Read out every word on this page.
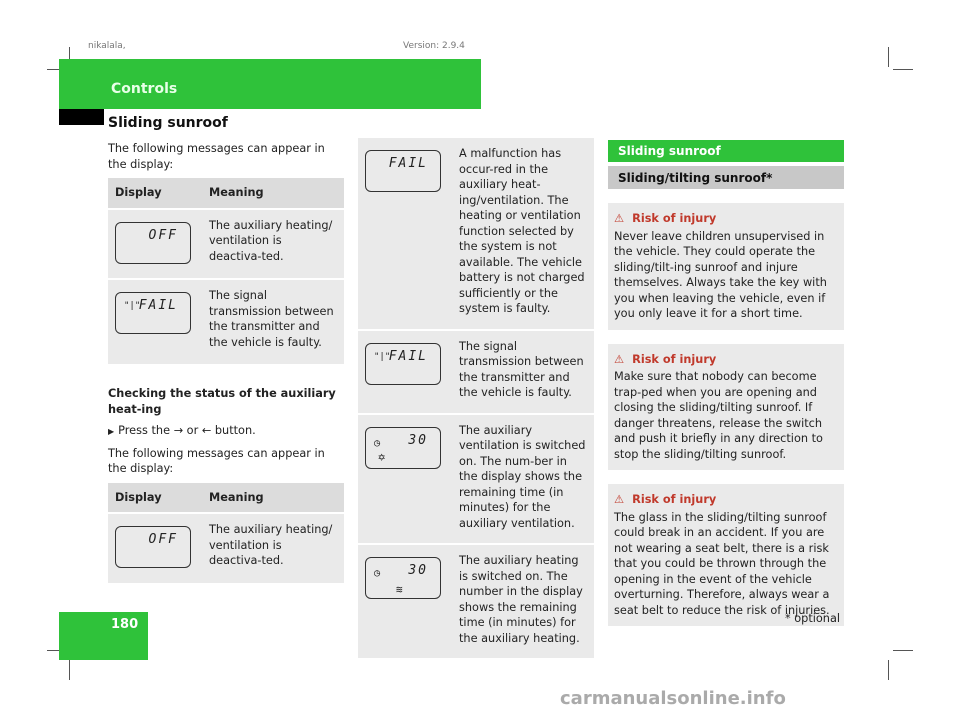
nikalala,	Version: 2.9.4
Controls
Sliding sunroof

The following messages can appear in the display:

Display	Meaning

OFF	The auxiliary heating/ ventilation is deactiva-ted.

"|"
FAIL	The signal transmission between the transmitter and the vehicle is faulty.

Checking the status of the auxiliary heat-ing

▶ Press the → or ← button.

The following messages can appear in the display:

Display	Meaning

OFF	The auxiliary heating/ ventilation is deactiva-ted.
FAIL	A malfunction has occur-red in the auxiliary heat-ing/ventilation. The heating or ventilation function selected by the system is not available. The vehicle battery is not charged sufficiently or the system is faulty.

"|"
FAIL	The signal transmission between the transmitter and the vehicle is faulty.

◷ 30
✡	The auxiliary ventilation is switched on. The num-ber in the display shows the remaining time (in minutes) for the auxiliary ventilation.

◷ 30
≋	The auxiliary heating is switched on. The number in the display shows the remaining time (in minutes) for the auxiliary heating.
Sliding sunroof
Sliding/tilting sunroof*
⚠ Risk of injury
Never leave children unsupervised in the vehicle. They could operate the sliding/tilt-ing sunroof and injure themselves. Always take the key with you when leaving the vehicle, even if you only leave it for a short time.
⚠ Risk of injury
Make sure that nobody can become trap-ped when you are opening and closing the sliding/tilting sunroof. If danger threatens, release the switch and push it briefly in any direction to stop the sliding/tilting sunroof.
⚠ Risk of injury
The glass in the sliding/tilting sunroof could break in an accident. If you are not wearing a seat belt, there is a risk that you could be thrown through the opening in the event of the vehicle overturning. Therefore, always wear a seat belt to reduce the risk of injuries.
180	* optional
carmanualsonline.info
